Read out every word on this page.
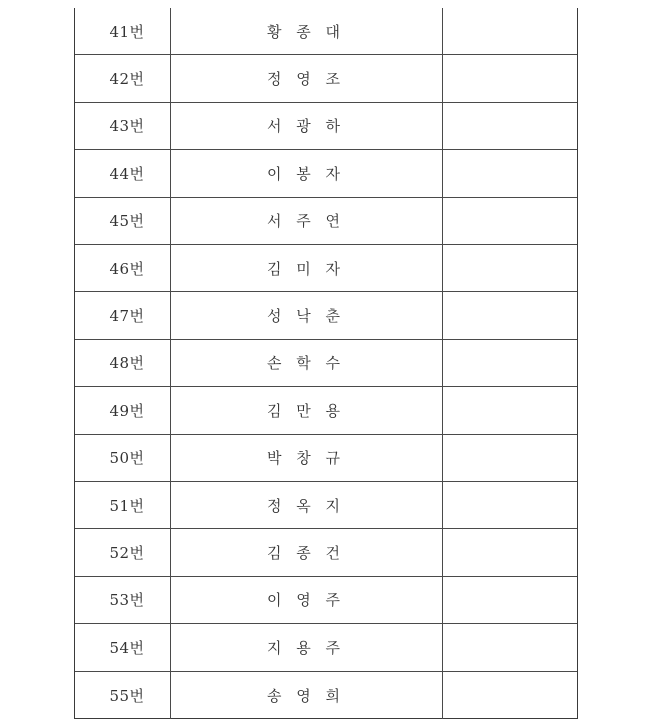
41번	황 종 대
42번	정 영 조
43번	서 광 하
44번	이 봉 자
45번	서 주 연
46번	김 미 자
47번	성 낙 춘
48번	손 학 수
49번	김 만 용
50번	박 창 규
51번	정 옥 지
52번	김 종 건
53번	이 영 주
54번	지 용 주
55번	송 영 희
